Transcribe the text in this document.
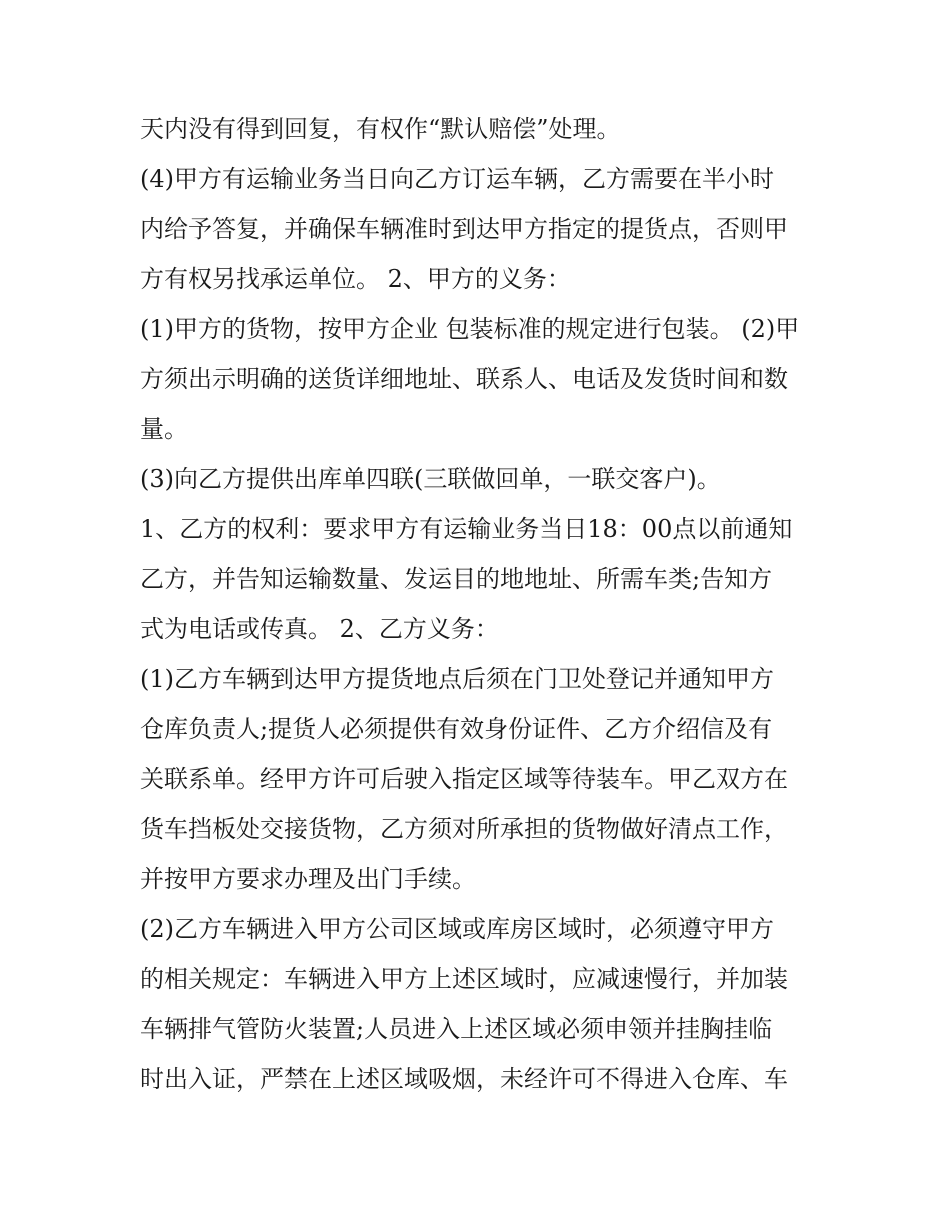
天内没有得到回复，有权作“默认赔偿”处理。

(4)甲方有运输业务当日向乙方订运车辆，乙方需要在半小时

内给予答复，并确保车辆准时到达甲方指定的提货点，否则甲

方有权另找承运单位。 2、甲方的义务：

(1)甲方的货物，按甲方企业 包装标准的规定进行包装。 (2)甲

方须出示明确的送货详细地址、联系人、电话及发货时间和数

量。

(3)向乙方提供出库单四联(三联做回单，一联交客户)。

1、乙方的权利：要求甲方有运输业务当日18：00点以前通知

乙方，并告知运输数量、发运目的地地址、所需车类;告知方

式为电话或传真。 2、乙方义务：

(1)乙方车辆到达甲方提货地点后须在门卫处登记并通知甲方

仓库负责人;提货人必须提供有效身份证件、乙方介绍信及有

关联系单。经甲方许可后驶入指定区域等待装车。甲乙双方在

货车挡板处交接货物，乙方须对所承担的货物做好清点工作，

并按甲方要求办理及出门手续。

(2)乙方车辆进入甲方公司区域或库房区域时，必须遵守甲方

的相关规定：车辆进入甲方上述区域时，应减速慢行，并加装

车辆排气管防火装置;人员进入上述区域必须申领并挂胸挂临

时出入证，严禁在上述区域吸烟，未经许可不得进入仓库、车
